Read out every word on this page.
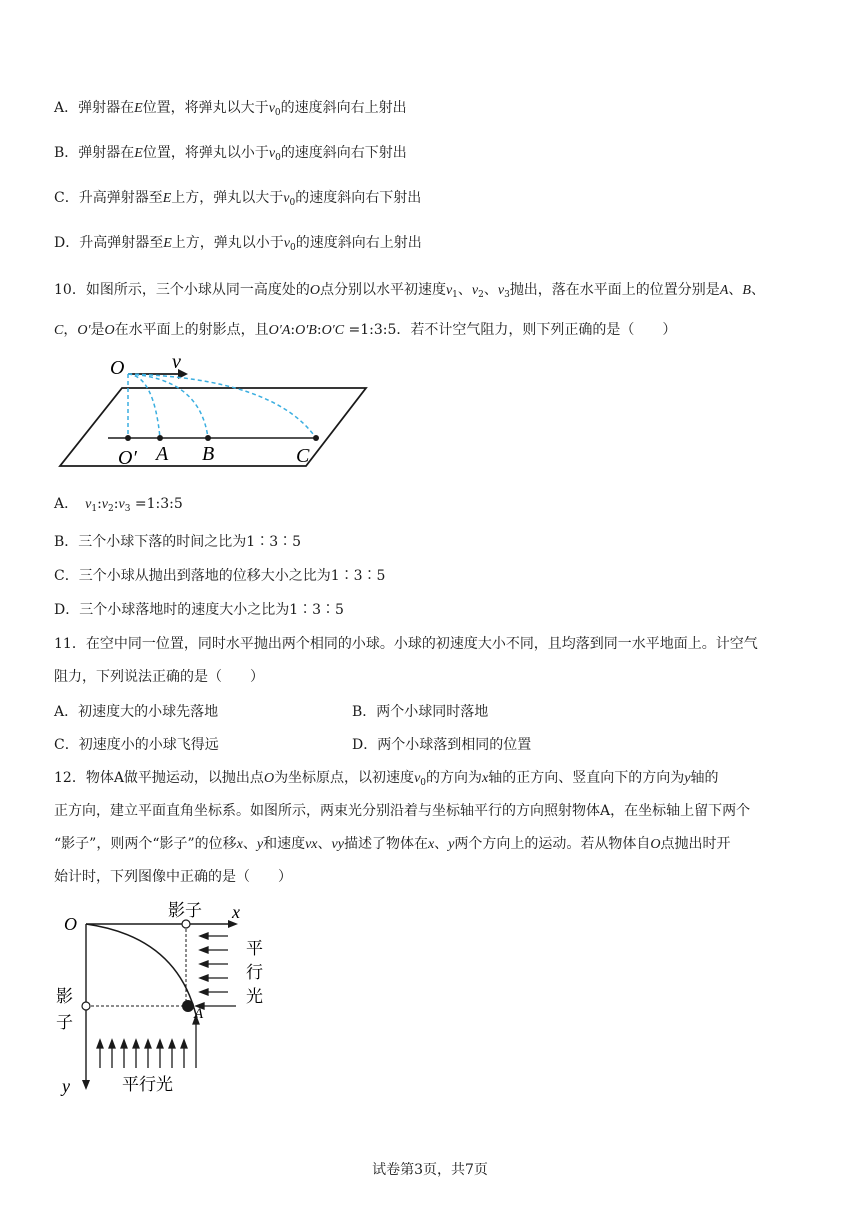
A．弹射器在E位置，将弹丸以大于$v_0$的速度斜向右上射出
B．弹射器在E位置，将弹丸以小于$v_0$的速度斜向右下射出
C．升高弹射器至E上方，弹丸以大于$v_0$的速度斜向右下射出
D．升高弹射器至E上方，弹丸以小于$v_0$的速度斜向右上射出
10．如图所示，三个小球从同一高度处的O点分别以水平初速度$v_1$、$v_2$、$v_3$抛出，落在水平面上的位置分别是A、B、
C，O′是O在水平面上的射影点，且O′A:O′B:O′C =1:3:5．若不计空气阻力，则下列正确的是（　　）
O v
O′ A B	C
A． $v_1:v_2:v_3$ =1:3:5
B．三个小球下落的时间之比为1∶3∶5
C．三个小球从抛出到落地的位移大小之比为1∶3∶5
D．三个小球落地时的速度大小之比为1∶3∶5
11．在空中同一位置，同时水平抛出两个相同的小球。小球的初速度大小不同，且均落到同一水平地面上。计空气
阻力，下列说法正确的是（　　）
A．初速度大的小球先落地	B．两个小球同时落地
C．初速度小的小球飞得远	D．两个小球落到相同的位置
12．物体A做平抛运动，以抛出点O为坐标原点，以初速度$v_0$的方向为x轴的正方向、竖直向下的方向为y轴的
正方向，建立平面直角坐标系。如图所示，两束光分别沿着与坐标轴平行的方向照射物体A，在坐标轴上留下两个
“影子”，则两个“影子”的位移x、y和速度vx、vy描述了物体在x、y两个方向上的运动。若从物体自O点抛出时开
始计时，下列图像中正确的是（　　）
O
x
y
A
影子
影
子
平
行
光
平行光
试卷第3页，共7页
